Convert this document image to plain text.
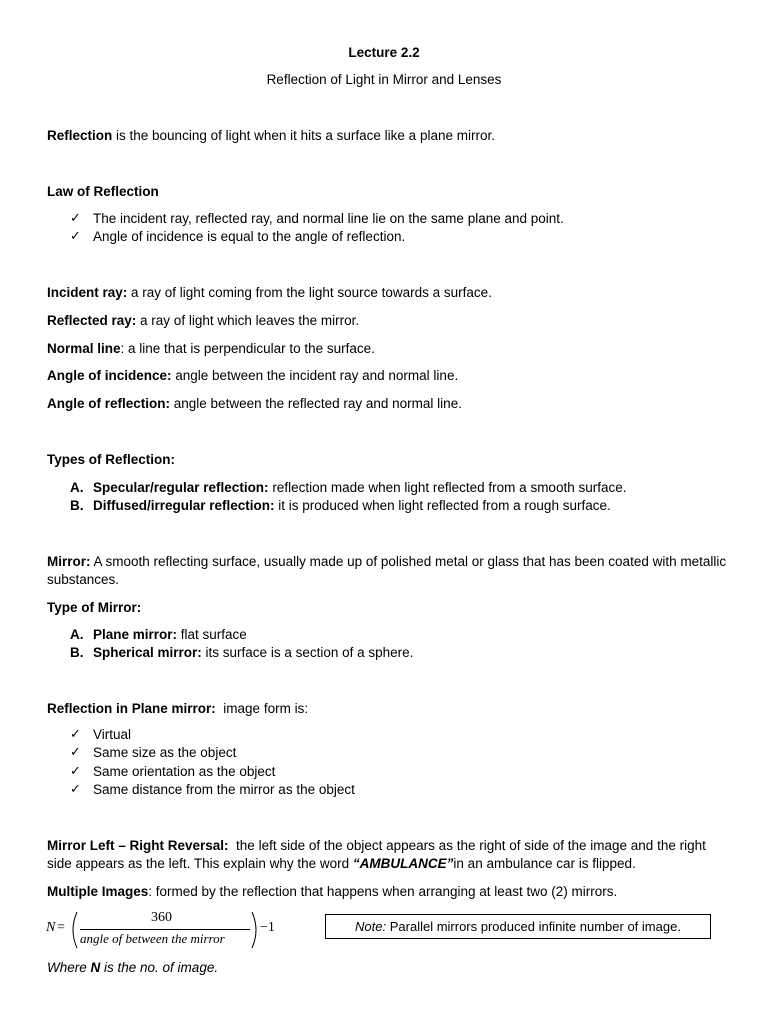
Lecture 2.2
Reflection of Light in Mirror and Lenses
Reflection is the bouncing of light when it hits a surface like a plane mirror.
Law of Reflection
✓ The incident ray, reflected ray, and normal line lie on the same plane and point.
✓ Angle of incidence is equal to the angle of reflection.
Incident ray: a ray of light coming from the light source towards a surface.
Reflected ray: a ray of light which leaves the mirror.
Normal line: a line that is perpendicular to the surface.
Angle of incidence: angle between the incident ray and normal line.
Angle of reflection: angle between the reflected ray and normal line.
Types of Reflection:
A. Specular/regular reflection: reflection made when light reflected from a smooth surface.
B. Diffused/irregular reflection: it is produced when light reflected from a rough surface.
Mirror: A smooth reflecting surface, usually made up of polished metal or glass that has been coated with metallic substances.
Type of Mirror:
A. Plane mirror: flat surface
B. Spherical mirror: its surface is a section of a sphere.
Reflection in Plane mirror:  image form is:
✓ Virtual
✓ Same size as the object
✓ Same orientation as the object
✓ Same distance from the mirror as the object
Mirror Left – Right Reversal:  the left side of the object appears as the right of side of the image and the right side appears as the left. This explain why the word “AMBULANCE”in an ambulance car is flipped.
Multiple Images: formed by the reflection that happens when arranging at least two (2) mirrors.
N =
360
angle of between the mirror
−1	Note: Parallel mirrors produced infinite number of image.
Where N is the no. of image.
